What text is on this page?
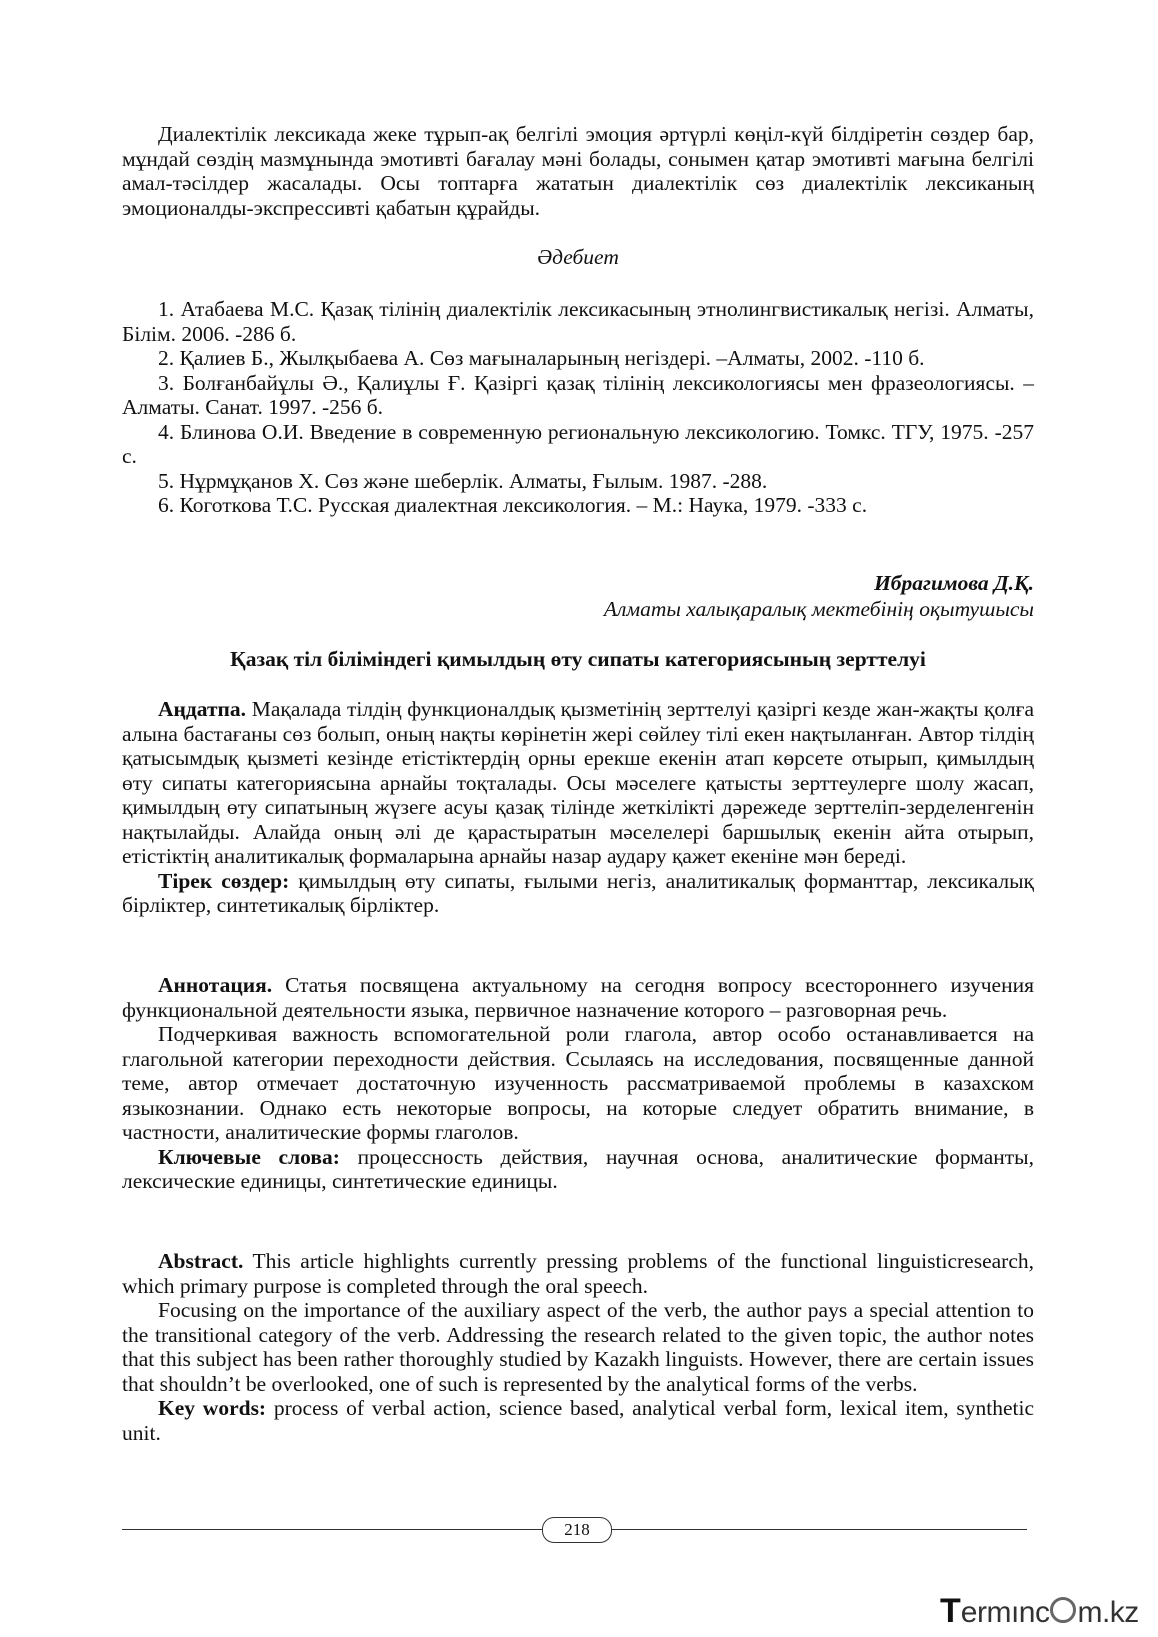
Диалектілік лексикада жеке тұрып-ақ белгілі эмоция әртүрлі көңіл-күй білдіретін сөздер бар, мұндай сөздің мазмұнында эмотивті бағалау мәні болады, сонымен қатар эмотивті мағына белгілі амал-тәсілдер жасалады. Осы топтарға жататын диалектілік сөз диалектілік лексиканың эмоционалды-экспрессивті қабатын құрайды.

Әдебиет

1. Атабаева М.С. Қазақ тілінің диалектілік лексикасының этнолингвистикалық негізі. Алматы, Білім. 2006. -286 б.

2. Қалиев Б., Жылқыбаева А. Сөз мағыналарының негіздері. –Алматы, 2002. -110 б.

3. Болғанбайұлы Ә., Қалиұлы Ғ. Қазіргі қазақ тілінің лексикологиясы мен фразеологиясы. – Алматы. Санат. 1997. -256 б.

4. Блинова О.И. Введение в современную региональную лексикологию. Томкс. ТГУ, 1975. -257 с.

5. Нұрмұқанов Х. Сөз және шеберлік. Алматы, Ғылым. 1987. -288.

6. Коготкова Т.С. Русская диалектная лексикология. – М.: Наука, 1979. -333 с.

Ибрагимова Д.Қ.
Алматы халықаралық мектебінің оқытушысы
Қазақ тіл біліміндегі қимылдың өту сипаты категориясының зерттелуі

Аңдатпа. Мақалада тілдің функционалдық қызметінің зерттелуі қазіргі кезде жан-жақты қолға алына бастағаны сөз болып, оның нақты көрінетін жері сөйлеу тілі екен нақтыланған. Автор тілдің қатысымдық қызметі кезінде етістіктердің орны ерекше екенін атап көрсете отырып, қимылдың өту сипаты категориясына арнайы тоқталады. Осы мәселеге қатысты зерттеулерге шолу жасап, қимылдың өту сипатының жүзеге асуы қазақ тілінде жеткілікті дәрежеде зерттеліп-зерделенгенін нақтылайды. Алайда оның әлі де қарастыратын мәселелері баршылық екенін айта отырып, етістіктің аналитикалық формаларына арнайы назар аудару қажет екеніне мән береді.

Тірек сөздер: қимылдың өту сипаты, ғылыми негіз, аналитикалық форманттар, лексикалық бірліктер, синтетикалық бірліктер.

Аннотация. Статья посвящена актуальному на сегодня вопросу всестороннего изучения функциональной деятельности языка, первичное назначение которого – разговорная речь.

Подчеркивая важность вспомогательной роли глагола, автор особо останавливается на глагольной категории переходности действия. Ссылаясь на исследования, посвященные данной теме, автор отмечает достаточную изученность рассматриваемой проблемы в казахском языкознании. Однако есть некоторые вопросы, на которые следует обратить внимание, в частности, аналитические формы глаголов.

Ключевые слова: процессность действия, научная основа, аналитические форманты, лексические единицы, синтетические единицы.

Abstract. This article highlights currently pressing problems of the functional linguisticresearch, which primary purpose is completed through the oral speech.

Focusing on the importance of the auxiliary aspect of the verb, the author pays a special attention to the transitional category of the verb. Addressing the research related to the given topic, the author notes that this subject has been rather thoroughly studied by Kazakh linguists. However, there are certain issues that shouldn’t be overlooked, one of such is represented by the analytical forms of the verbs.

Key words: process of verbal action, science based, analytical verbal form, lexical item, synthetic unit.

218
Termınc m.kz
